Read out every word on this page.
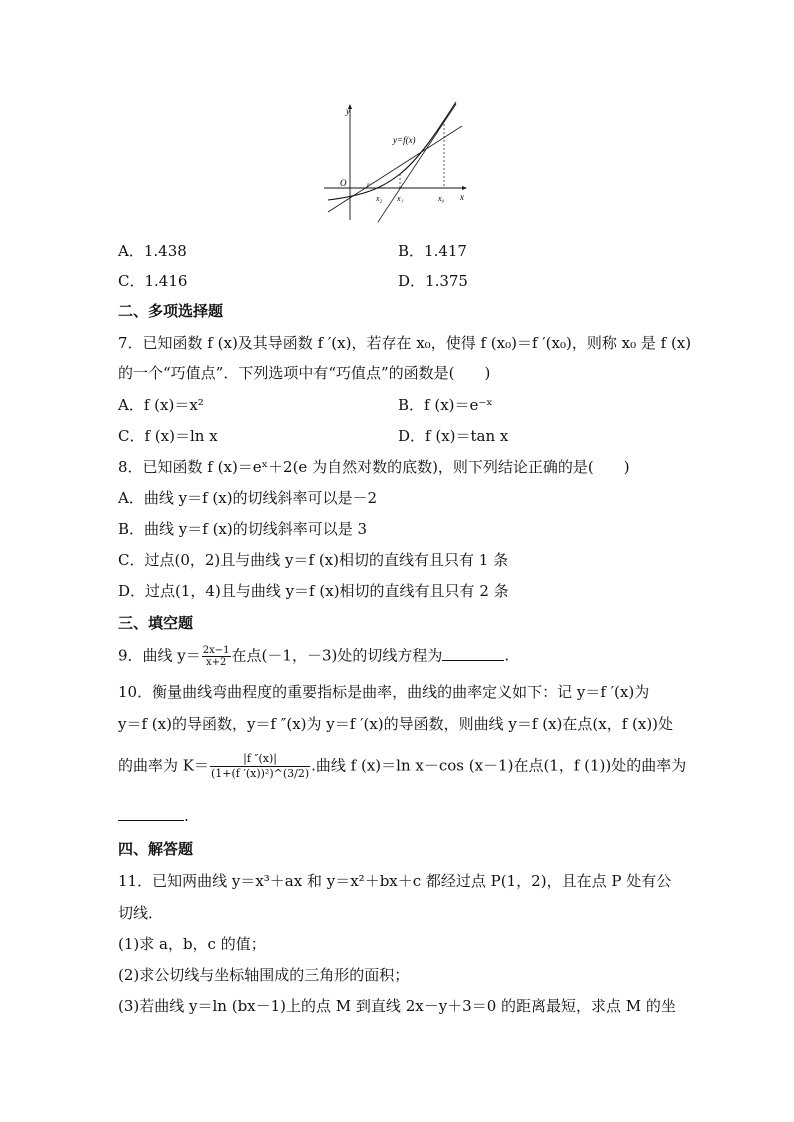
y
x
O
y=f(x)
x₂ x₁	x₀
r
A．1.438	B．1.417
C．1.416	D．1.375
二、多项选择题
7．已知函数 f (x)及其导函数 f ′(x)，若存在 x₀，使得 f (x₀)＝f ′(x₀)，则称 x₀ 是 f (x)
的一个“巧值点”．下列选项中有“巧值点”的函数是(　　)
A．f (x)＝x²	B．f (x)＝e⁻ˣ
C．f (x)＝ln x	D．f (x)＝tan x
8．已知函数 f (x)＝eˣ＋2(e 为自然对数的底数)，则下列结论正确的是(　　)
A．曲线 y＝f (x)的切线斜率可以是－2
B．曲线 y＝f (x)的切线斜率可以是 3
C．过点(0，2)且与曲线 y＝f (x)相切的直线有且只有 1 条
D．过点(1，4)且与曲线 y＝f (x)相切的直线有且只有 2 条
三、填空题
9．曲线 $y= \frac{2x-1}{x+2}$ 在点(－1，－3)处的切线方程为	.
10．衡量曲线弯曲程度的重要指标是曲率，曲线的曲率定义如下：记 y＝f ′(x)为
y＝f (x)的导函数，y＝f ″(x)为 y＝f ′(x)的导函数，则曲线 y＝f (x)在点(x，f (x))处
的曲率为 $K= \frac{|f ''(x)|}{\text{(1+(f ′(x))²)\textasciicircum{}(3/2)}}$ .曲线 f (x)＝ln x－cos (x－1)在点(1，f (1))处的曲率为
.
四、解答题
11．已知两曲线 y＝x³＋ax 和 y＝x²＋bx＋c 都经过点 P(1，2)，且在点 P 处有公
切线．
(1)求 a，b，c 的值；
(2)求公切线与坐标轴围成的三角形的面积；
(3)若曲线 y＝ln (bx－1)上的点 M 到直线 2x－y＋3＝0 的距离最短，求点 M 的坐
